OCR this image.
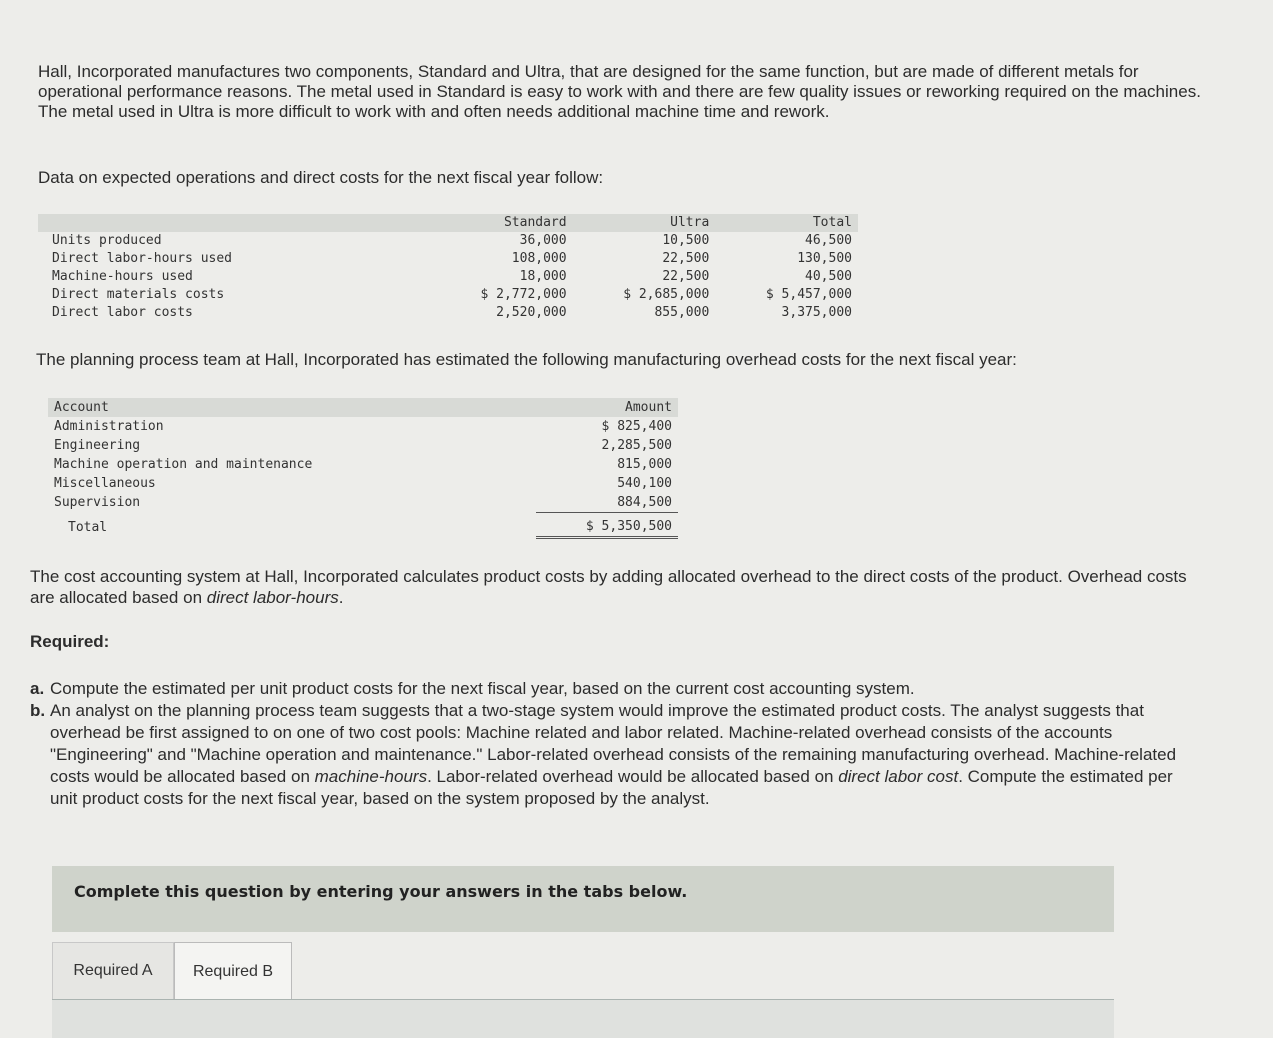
Hall, Incorporated manufactures two components, Standard and Ultra, that are designed for the same function, but are made of different metals for operational performance reasons. The metal used in Standard is easy to work with and there are few quality issues or reworking required on the machines. The metal used in Ultra is more difficult to work with and often needs additional machine time and rework.
Data on expected operations and direct costs for the next fiscal year follow:
	Standard	Ultra	Total
Units produced	36,000	10,500	46,500
Direct labor-hours used	108,000	22,500	130,500
Machine-hours used	18,000	22,500	40,500
Direct materials costs	$ 2,772,000	$ 2,685,000	$ 5,457,000
Direct labor costs	2,520,000	855,000	3,375,000
The planning process team at Hall, Incorporated has estimated the following manufacturing overhead costs for the next fiscal year:
Account	Amount
Administration	$ 825,400
Engineering	2,285,500
Machine operation and maintenance	815,000
Miscellaneous	540,100
Supervision	884,500
Total	$ 5,350,500
The cost accounting system at Hall, Incorporated calculates product costs by adding allocated overhead to the direct costs of the product. Overhead costs are allocated based on direct labor-hours.
Required:
a. Compute the estimated per unit product costs for the next fiscal year, based on the current cost accounting system.
b. An analyst on the planning process team suggests that a two-stage system would improve the estimated product costs. The analyst suggests that overhead be first assigned to on one of two cost pools: Machine related and labor related. Machine-related overhead consists of the accounts "Engineering" and "Machine operation and maintenance." Labor-related overhead consists of the remaining manufacturing overhead. Machine-related costs would be allocated based on machine-hours. Labor-related overhead would be allocated based on direct labor cost. Compute the estimated per unit product costs for the next fiscal year, based on the system proposed by the analyst.
Complete this question by entering your answers in the tabs below.
Required A	Required B
